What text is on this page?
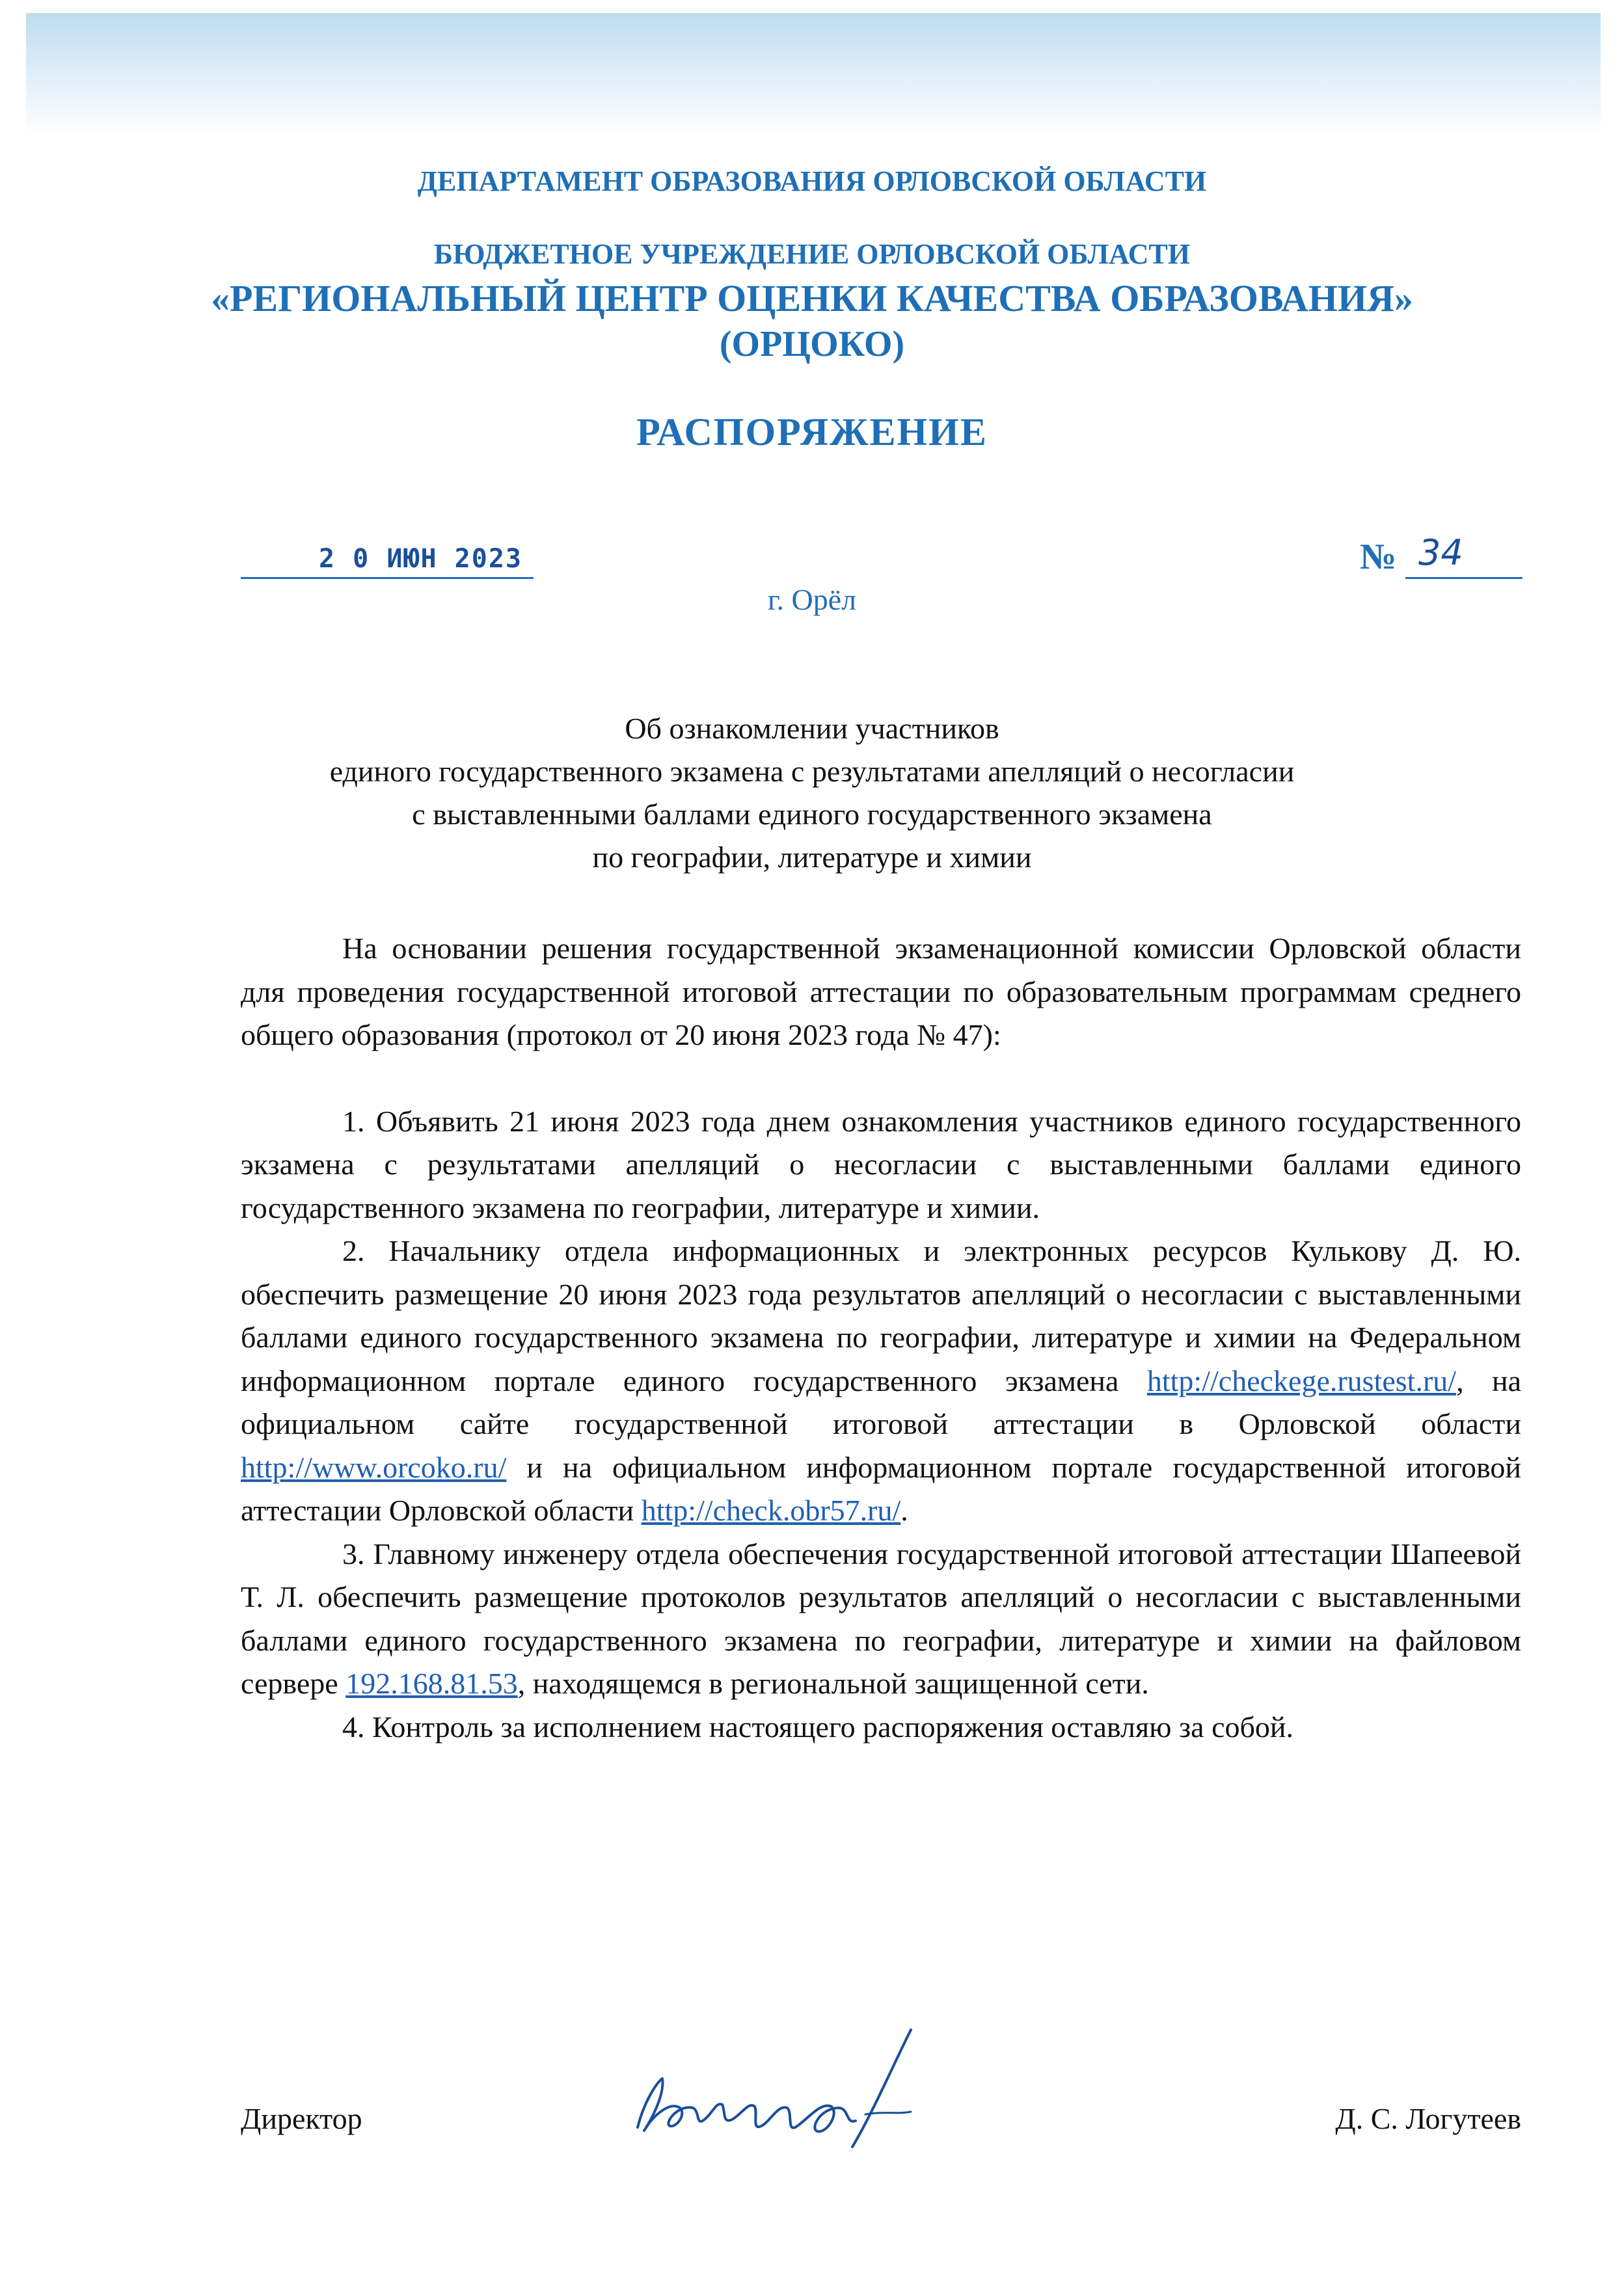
ДЕПАРТАМЕНТ ОБРАЗОВАНИЯ ОРЛОВСКОЙ ОБЛАСТИ
БЮДЖЕТНОЕ УЧРЕЖДЕНИЕ ОРЛОВСКОЙ ОБЛАСТИ
«РЕГИОНАЛЬНЫЙ ЦЕНТР ОЦЕНКИ КАЧЕСТВА ОБРАЗОВАНИЯ»
(ОРЦОКО)
РАСПОРЯЖЕНИЕ
2 0 ИЮН 2023	№ 34
г. Орёл
Об ознакомлении участников
единого государственного экзамена с результатами апелляций о несогласии
с выставленными баллами единого государственного экзамена
по географии, литературе и химии

На основании решения государственной экзаменационной комиссии Орловской области для проведения государственной итоговой аттестации по образовательным программам среднего общего образования (протокол от 20 июня 2023 года № 47):

1. Объявить 21 июня 2023 года днем ознакомления участников единого государственного экзамена с результатами апелляций о несогласии с выставленными баллами единого государственного экзамена по географии, литературе и химии.

2. Начальнику отдела информационных и электронных ресурсов Кулькову Д. Ю. обеспечить размещение 20 июня 2023 года результатов апелляций о несогласии с выставленными баллами единого государственного экзамена по географии, литературе и химии на Федеральном информационном портале единого государственного экзамена http://checkege.rustest.ru/, на официальном сайте государственной итоговой аттестации в Орловской области http://www.orcoko.ru/ и на официальном информационном портале государственной итоговой аттестации Орловской области http://check.obr57.ru/.

3. Главному инженеру отдела обеспечения государственной итоговой аттестации Шапеевой Т. Л. обеспечить размещение протоколов результатов апелляций о несогласии с выставленными баллами единого государственного экзамена по географии, литературе и химии на файловом сервере 192.168.81.53, находящемся в региональной защищенной сети.

4. Контроль за исполнением настоящего распоряжения оставляю за собой.

Директор	Д. С. Логутеев
